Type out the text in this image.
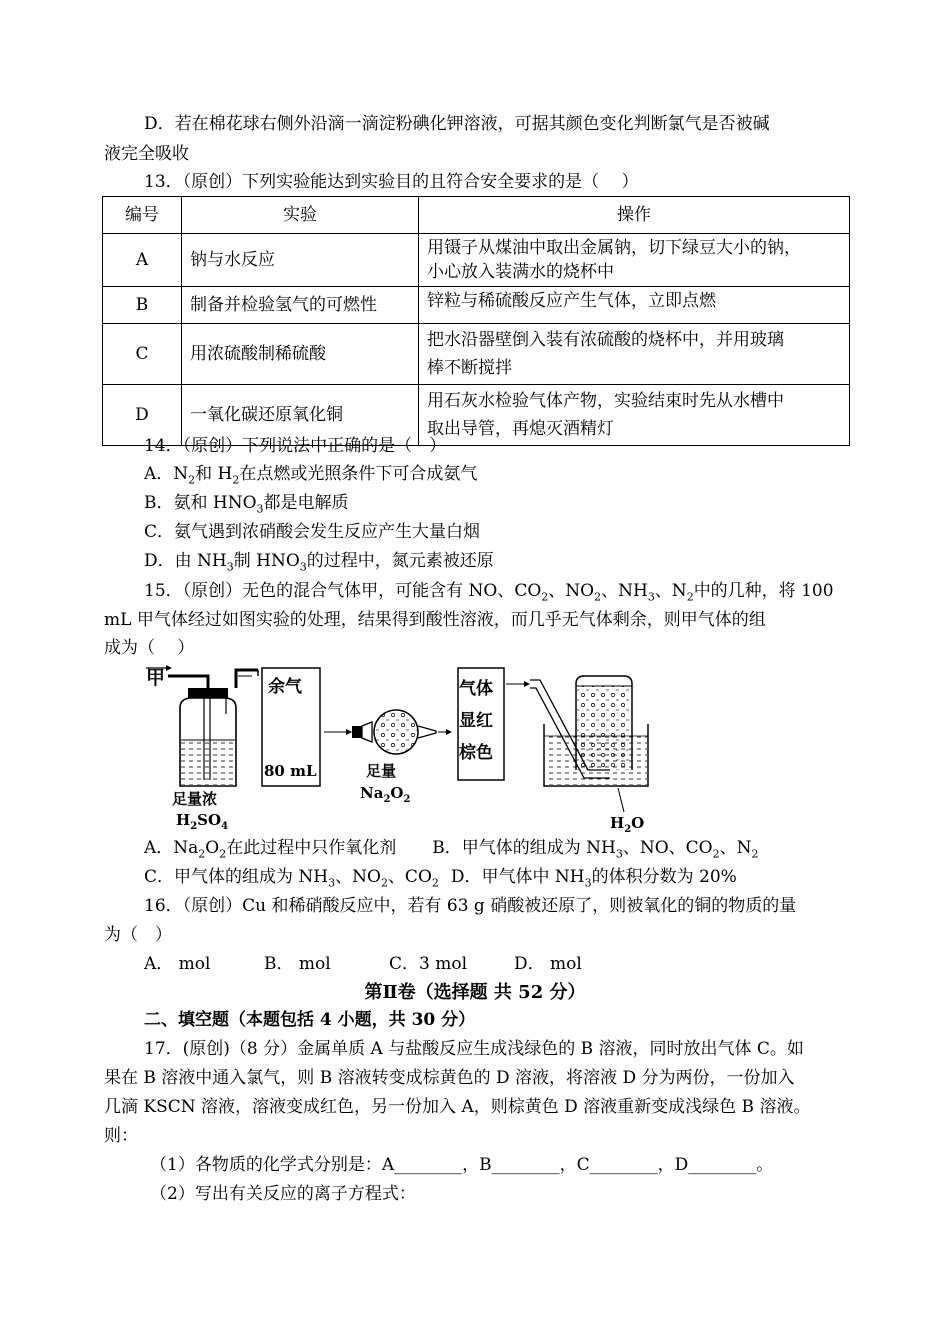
D．若在棉花球右侧外沿滴一滴淀粉碘化钾溶液，可据其颜色变化判断氯气是否被碱
液完全吸收
13．（原创）下列实验能达到实验目的且符合安全要求的是（　 ）
编号	实验	操作
A	钠与水反应	用镊子从煤油中取出金属钠，切下绿豆大小的钠，
小心放入装满水的烧杯中
B	制备并检验氢气的可燃性	锌粒与稀硫酸反应产生气体，立即点燃
C	用浓硫酸制稀硫酸	把水沿器壁倒入装有浓硫酸的烧杯中，并用玻璃
棒不断搅拌
D	一氧化碳还原氧化铜	用石灰水检验气体产物，实验结束时先从水槽中
取出导管，再熄灭酒精灯
14．（原创）下列说法中正确的是（　）
A．$N_2$和 $H_2$在点燃或光照条件下可合成氨气
B．氨和 $HNO_3$都是电解质
C．氨气遇到浓硝酸会发生反应产生大量白烟
D．由 $NH_3$制 $HNO_3$的过程中，氮元素被还原
15．（原创）无色的混合气体甲，可能含有 NO、$CO_2$、$NO_2$、$NH_3$、$N_2$中的几种，将 100
mL 甲气体经过如图实验的处理，结果得到酸性溶液，而几乎无气体剩余，则甲气体的组
成为（　 ）
甲
足量浓
$H_2SO_4$
余气
80 mL	足量
$Na_2O_2$
气体
显红
棕色
$H_2O$
A．$Na_2O_2$在此过程中只作氧化剂 B．甲气体的组成为 $NH_3$、NO、$CO_2$、$N_2$
C．甲气体的组成为 $NH_3$、$NO_2$、$CO_2$ D．甲气体中 $NH_3$的体积分数为 20%
16．（原创）Cu 和稀硝酸反应中，若有 63 g 硝酸被还原了，则被氧化的铜的物质的量
为（　）
A． mol	B． mol	C．3 mol	D． mol
第Ⅱ卷（选择题 共 52 分）
二、填空题（本题包括 4 小题，共 30 分）
17．(原创)（8 分）金属单质 A 与盐酸反应生成浅绿色的 B 溶液，同时放出气体 C。如
果在 B 溶液中通入氯气，则 B 溶液转变成棕黄色的 D 溶液，将溶液 D 分为两份，一份加入
几滴 KSCN 溶液，溶液变成红色，另一份加入 A，则棕黄色 D 溶液重新变成浅绿色 B 溶液。
则：
（1）各物质的化学式分别是：A________，B________，C________，D________。
（2）写出有关反应的离子方程式：
